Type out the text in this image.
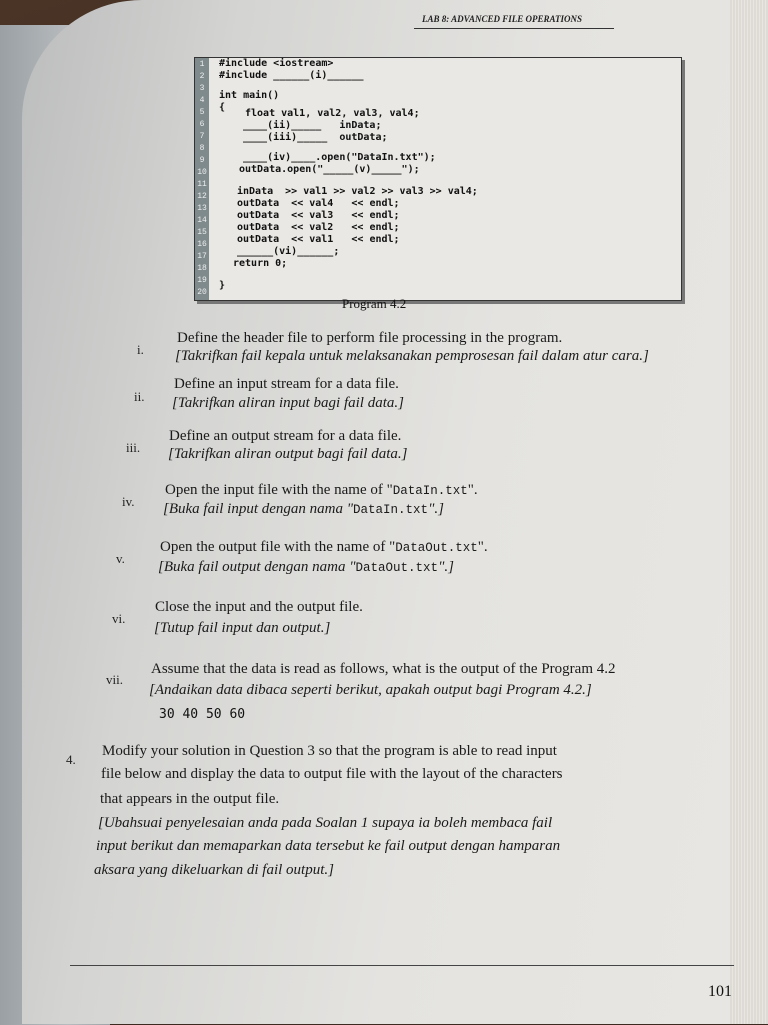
LAB 8: ADVANCED FILE OPERATIONS
1
2
3
4
5
6
7
8
9
10
11
12
13
14
15
16
17
18
19
20
#include <iostream>
#include ______(i)______
int main()
{
float val1, val2, val3, val4;
____(ii)_____   inData;
____(iii)_____  outData;
____(iv)____.open("DataIn.txt");
outData.open("_____(v)_____");
inData  >> val1 >> val2 >> val3 >> val4;
outData  << val4   << endl;
outData  << val3   << endl;
outData  << val2   << endl;
outData  << val1   << endl;
______(vi)______;
return 0;
}
Program 4.2
i.
Define the header file to perform file processing in the program.
[Takrifkan fail kepala untuk melaksanakan pemprosesan fail dalam atur cara.]
ii.
Define an input stream for a data file.
[Takrifkan aliran input bagi fail data.]
iii.
Define an output stream for a data file.
[Takrifkan aliran output bagi fail data.]
iv.
Open the input file with the name of "DataIn.txt".
[Buka fail input dengan nama "DataIn.txt".]
v.
Open the output file with the name of "DataOut.txt".
[Buka fail output dengan nama "DataOut.txt".]
vi.
Close the input and the output file.
[Tutup fail input dan output.]
vii.
Assume that the data is read as follows, what is the output of the Program 4.2
[Andaikan data dibaca seperti berikut, apakah output bagi Program 4.2.]
30 40 50 60
4.
Modify your solution in Question 3 so that the program is able to read input
file below and display the data to output file with the layout of the characters
that appears in the output file.
[Ubahsuai penyelesaian anda pada Soalan 1 supaya ia boleh membaca fail
input berikut dan memaparkan data tersebut ke fail output dengan hamparan
aksara yang dikeluarkan di fail output.]
101
